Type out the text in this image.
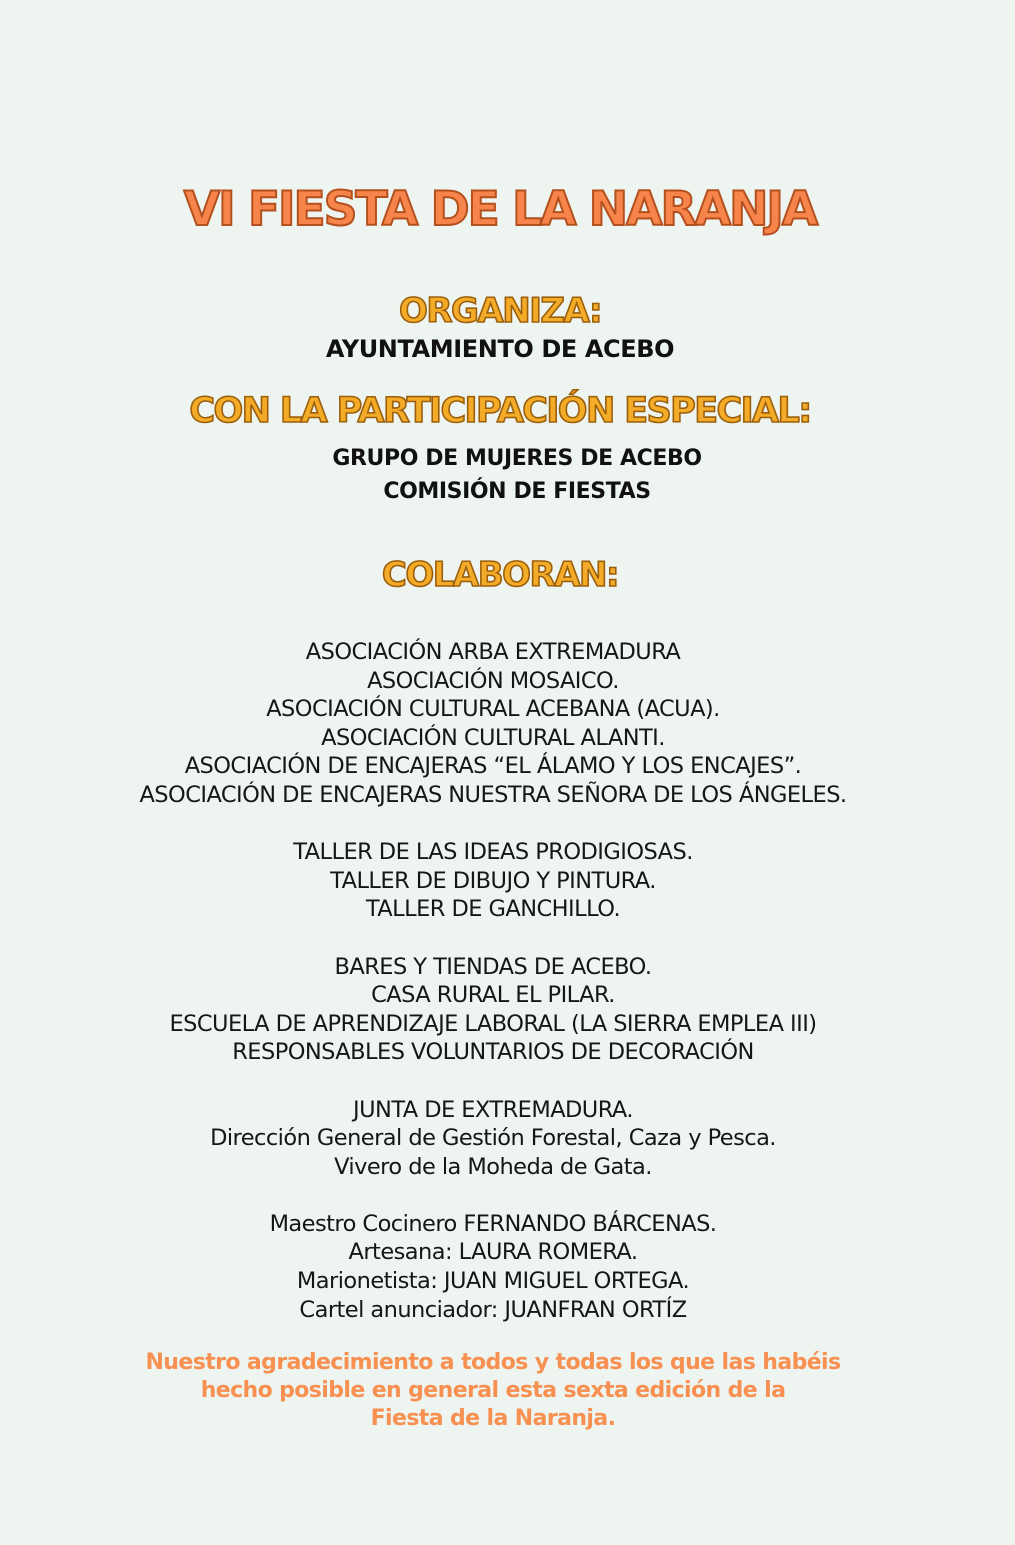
VI FIESTA DE LA NARANJA
ORGANIZA:
AYUNTAMIENTO DE ACEBO
CON LA PARTICIPACIÓN ESPECIAL:
GRUPO DE MUJERES DE ACEBO
COMISIÓN DE FIESTAS
COLABORAN:
ASOCIACIÓN ARBA EXTREMADURA
ASOCIACIÓN MOSAICO.
ASOCIACIÓN CULTURAL ACEBANA (ACUA).
ASOCIACIÓN CULTURAL ALANTI.
ASOCIACIÓN DE ENCAJERAS “EL ÁLAMO Y LOS ENCAJES”.
ASOCIACIÓN DE ENCAJERAS NUESTRA SEÑORA DE LOS ÁNGELES.
TALLER DE LAS IDEAS PRODIGIOSAS.
TALLER DE DIBUJO Y PINTURA.
TALLER DE GANCHILLO.
BARES Y TIENDAS DE ACEBO.
CASA RURAL EL PILAR.
ESCUELA DE APRENDIZAJE LABORAL (LA SIERRA EMPLEA III)
RESPONSABLES VOLUNTARIOS DE DECORACIÓN
JUNTA DE EXTREMADURA.
Dirección General de Gestión Forestal, Caza y Pesca.
Vivero de la Moheda de Gata.
Maestro Cocinero FERNANDO BÁRCENAS.
Artesana: LAURA ROMERA.
Marionetista: JUAN MIGUEL ORTEGA.
Cartel anunciador: JUANFRAN ORTÍZ
Nuestro agradecimiento a todos y todas los que las habéis
hecho posible en general esta sexta edición de la
Fiesta de la Naranja.
